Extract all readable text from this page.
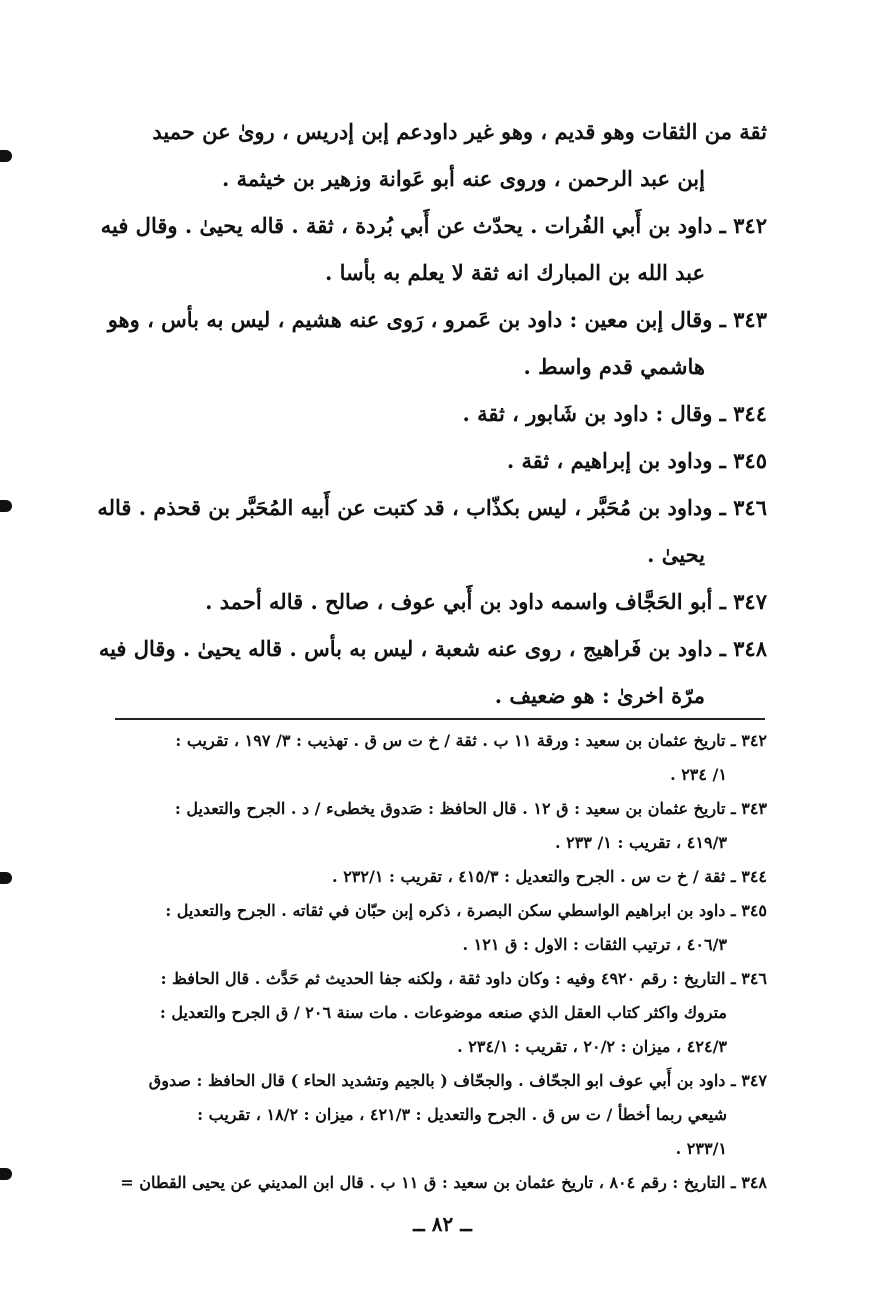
ثقة من الثقات وهو قديم ، وهو غير داودعم إبن إدريس ، روىٰ عن حميد
إبن عبد الرحمن ، وروى عنه أبو عَوانة وزهير بن خيثمة .
٣٤٢ ـ داود بن أَبي الفُرات . يحدّث عن أَبي بُردة ، ثقة . قاله يحيىٰ . وقال فيه
عبد الله بن المبارك انه ثقة لا يعلم به بأسا .
٣٤٣ ـ وقال إبن معين : داود بن عَمرو ، رَوى عنه هشيم ، ليس به بأس ، وهو
هاشمي قدم واسط .
٣٤٤ ـ وقال : داود بن شَابور ، ثقة .
٣٤٥ ـ وداود بن إبراهيم ، ثقة .
٣٤٦ ـ وداود بن مُحَبَّر ، ليس بكذّاب ، قد كتبت عن أَبيه المُحَبَّر بن قحذم . قاله
يحيىٰ .
٣٤٧ ـ أبو الحَجَّاف واسمه داود بن أَبي عوف ، صالح . قاله أحمد .
٣٤٨ ـ داود بن فَراهيج ، روى عنه شعبة ، ليس به بأس . قاله يحيىٰ . وقال فيه
مرّة اخرىٰ : هو ضعيف .
٣٤٢ ـ تاريخ عثمان بن سعيد : ورقة ١١ ب . ثقة / خ ت س ق . تهذيب : ٣/ ١٩٧ ، تقريب :
١/ ٢٣٤ .
٣٤٣ ـ تاريخ عثمان بن سعيد : ق ١٢ . قال الحافظ : صَدوق يخطىء / د . الجرح والتعديل :
٤١٩/٣ ، تقريب : ١/ ٢٣٣ .
٣٤٤ ـ ثقة / خ ت س . الجرح والتعديل : ٤١٥/٣ ، تقريب : ٢٣٢/١ .
٣٤٥ ـ داود بن ابراهيم الواسطي سكن البصرة ، ذكره إبن حبّان في ثقاته . الجرح والتعديل :
٤٠٦/٣ ، ترتيب الثقات : الاول : ق ١٢١ .
٣٤٦ ـ التاريخ : رقم ٤٩٢٠ وفيه : وكان داود ثقة ، ولكنه جفا الحديث ثم حَدَّث . قال الحافظ :
متروك واكثر كتاب العقل الذي صنعه موضوعات . مات سنة ٢٠٦ / ق الجرح والتعديل :
٤٢٤/٣ ، ميزان : ٢٠/٢ ، تقريب : ٢٣٤/١ .
٣٤٧ ـ داود بن أَبي عوف ابو الجحّاف . والجحّاف ( بالجيم وتشديد الحاء ) قال الحافظ : صدوق
شيعي ربما أخطأ / ت س ق . الجرح والتعديل : ٤٢١/٣ ، ميزان : ١٨/٢ ، تقريب :
٢٣٣/١ .
٣٤٨ ـ التاريخ : رقم ٨٠٤ ، تاريخ عثمان بن سعيد : ق ١١ ب . قال ابن المديني عن يحيى القطان =
ــ ٨٢ ــ
